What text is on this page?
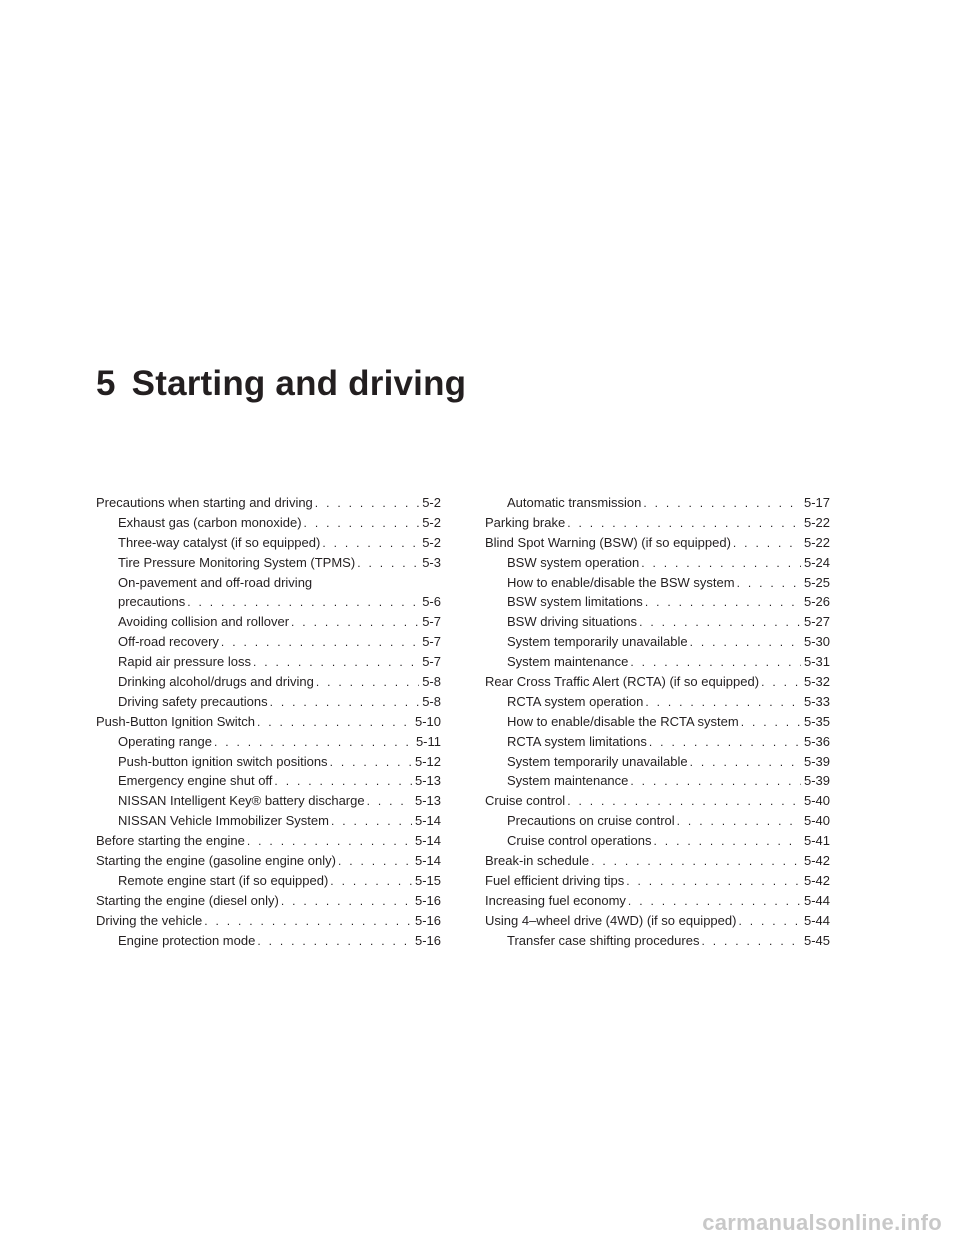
5 Starting and driving
Precautions when starting and driving . . .	5-2
Exhaust gas (carbon monoxide) . . .	5-2
Three-way catalyst (if so equipped) . . .	5-2
Tire Pressure Monitoring System (TPMS) . . .	5-3
On-pavement and off-road driving
precautions . . .	5-6
Avoiding collision and rollover . . .	5-7
Off-road recovery . . .	5-7
Rapid air pressure loss . . .	5-7
Drinking alcohol/drugs and driving . . .	5-8
Driving safety precautions . . .	5-8
Push-Button Ignition Switch . . .	5-10
Operating range . . .	5-11
Push-button ignition switch positions . . .	5-12
Emergency engine shut off . . .	5-13
NISSAN Intelligent Key® battery discharge . . .	5-13
NISSAN Vehicle Immobilizer System . . .	5-14
Before starting the engine . . .	5-14
Starting the engine (gasoline engine only) . . .	5-14
Remote engine start (if so equipped) . . .	5-15
Starting the engine (diesel only) . . .	5-16
Driving the vehicle . . .	5-16
Engine protection mode . . .	5-16
Automatic transmission . . .	5-17
Parking brake . . .	5-22
Blind Spot Warning (BSW) (if so equipped) . . .	5-22
BSW system operation . . .	5-24
How to enable/disable the BSW system . . .	5-25
BSW system limitations . . .	5-26
BSW driving situations . . .	5-27
System temporarily unavailable . . .	5-30
System maintenance . . .	5-31
Rear Cross Traffic Alert (RCTA) (if so equipped) . . .	5-32
RCTA system operation . . .	5-33
How to enable/disable the RCTA system . . .	5-35
RCTA system limitations . . .	5-36
System temporarily unavailable . . .	5-39
System maintenance . . .	5-39
Cruise control . . .	5-40
Precautions on cruise control . . .	5-40
Cruise control operations . . .	5-41
Break-in schedule . . .	5-42
Fuel efficient driving tips . . .	5-42
Increasing fuel economy . . .	5-44
Using 4–wheel drive (4WD) (if so equipped) . . .	5-44
Transfer case shifting procedures . . .	5-45
carmanualsonline.info
